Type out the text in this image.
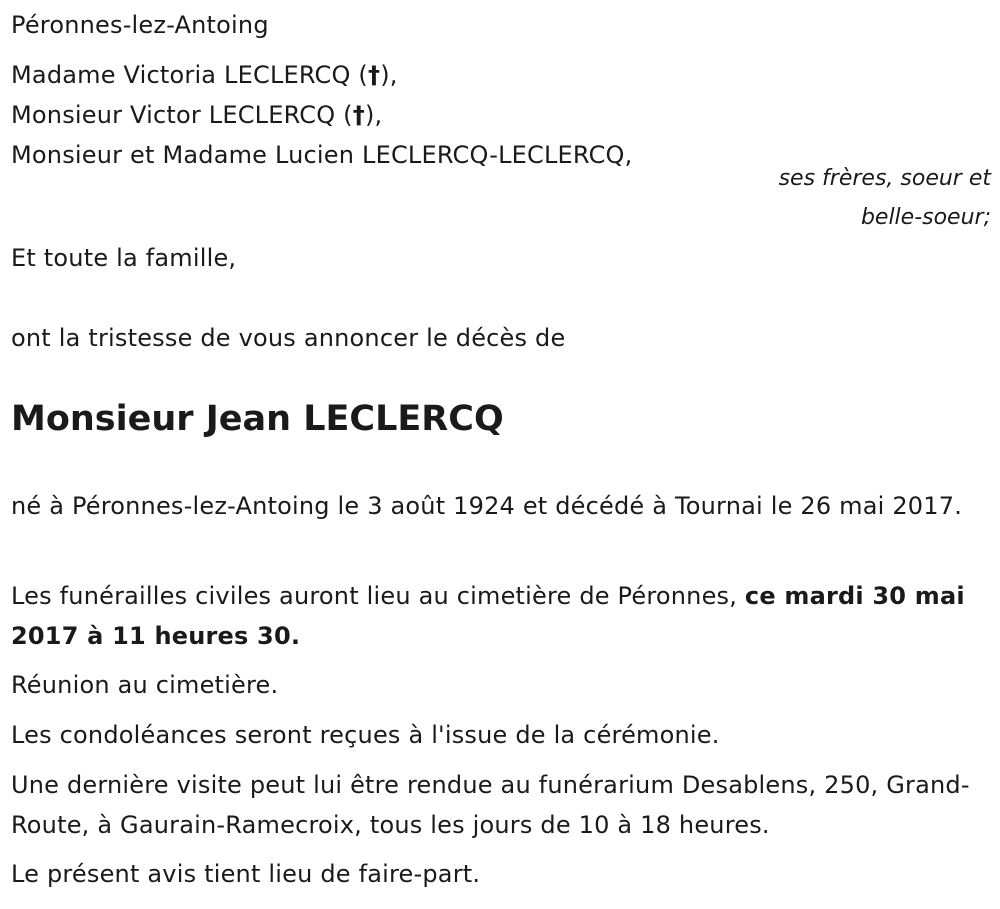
Péronnes-lez-Antoing
Madame Victoria LECLERCQ (†),
Monsieur Victor LECLERCQ (†),
Monsieur et Madame Lucien LECLERCQ-LECLERCQ,
ses frères, soeur et
belle-soeur;
Et toute la famille,
ont la tristesse de vous annoncer le décès de
Monsieur Jean LECLERCQ
né à Péronnes-lez-Antoing le 3 août 1924 et décédé à Tournai le 26 mai 2017.
Les funérailles civiles auront lieu au cimetière de Péronnes, ce mardi 30 mai 2017 à 11 heures 30.
Réunion au cimetière.
Les condoléances seront reçues à l'issue de la cérémonie.
Une dernière visite peut lui être rendue au funérarium Desablens, 250, Grand-Route, à Gaurain-Ramecroix, tous les jours de 10 à 18 heures.
Le présent avis tient lieu de faire-part.
